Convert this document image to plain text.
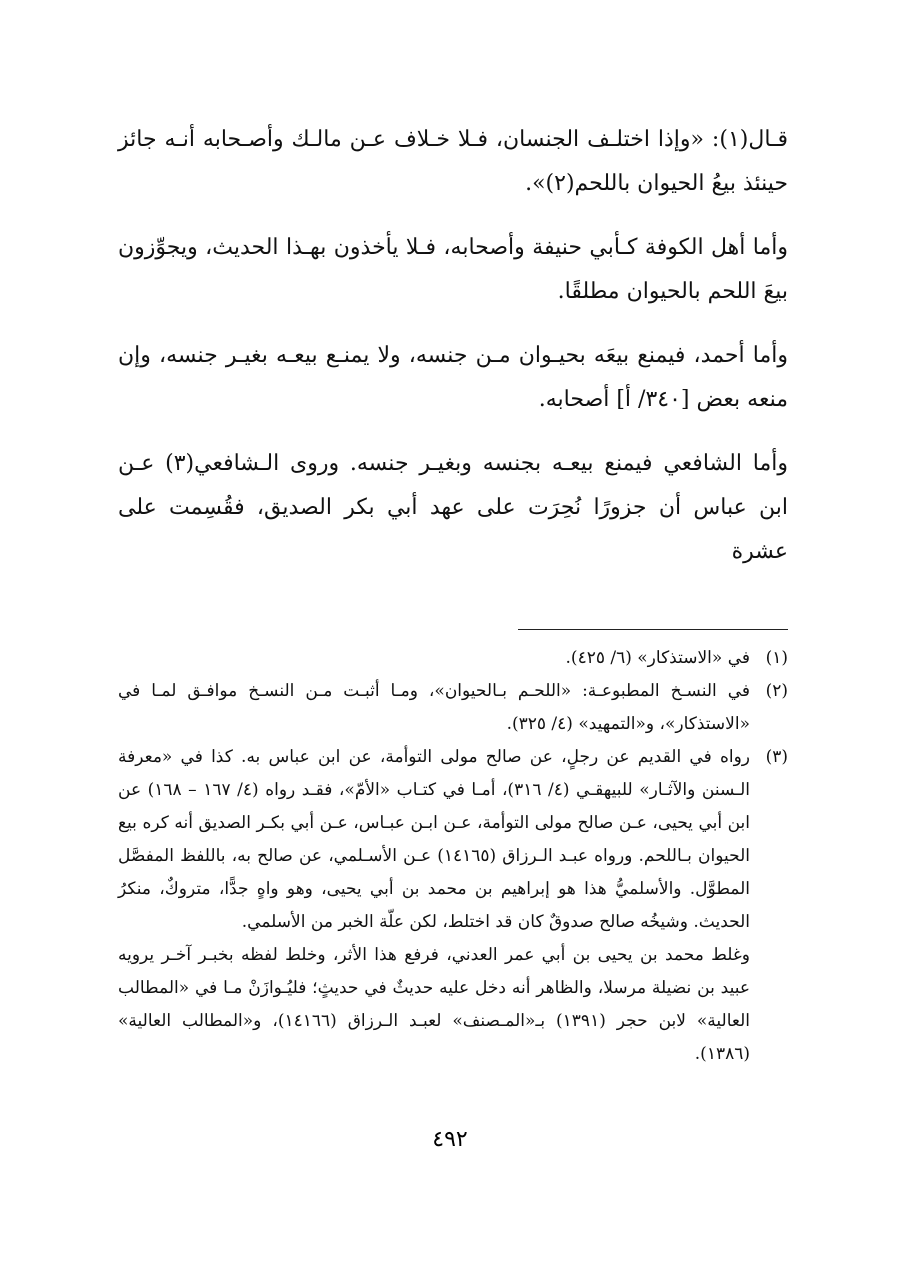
قـال(١): «وإذا اختلـف الجنسان، فـلا خـلاف عـن مالـك وأصـحابه أنـه جائز حينئذ بيعُ الحيوان باللحم(٢)».

وأما أهل الكوفة كـأبي حنيفة وأصحابه، فـلا يأخذون بهـذا الحديث، ويجوِّزون بيعَ اللحم بالحيوان مطلقًا.

وأما أحمد، فيمنع بيعَه بحيـوان مـن جنسه، ولا يمنـع بيعـه بغيـر جنسه، وإن منعه بعض [٣٤٠/ أ] أصحابه.

وأما الشافعي فيمنع بيعـه بجنسه وبغيـر جنسه. وروى الـشافعي(٣) عـن ابن عباس أن جزورًا نُحِرَت على عهد أبي بكر الصديق، فقُسِمت على عشرة

(١)
في «الاستذكار» (٦/ ٤٢٥).
(٢)
في النسـخ المطبوعـة: «اللحـم بـالحيوان»، ومـا أثبـت مـن النسـخ موافـق لمـا في «الاستذكار»، و«التمهيد» (٤/ ٣٢٥).
(٣)
رواه في القديم عن رجلٍ، عن صالح مولى التوأمة، عن ابن عباس به. كذا في «معرفة الـسنن والآثـار» للبيهقـي (٤/ ٣١٦)، أمـا في كتـاب «الأمّ»، فقـد رواه (٤/ ١٦٧ – ١٦٨) عن ابن أبي يحيى، عـن صالح مولى التوأمة، عـن ابـن عبـاس، عـن أبي بكـر الصديق أنه كره بيع الحيوان بـاللحم. ورواه عبـد الـرزاق (١٤١٦٥) عـن الأسـلمي، عن صالح به، باللفظ المفصَّل المطوَّل. والأسلميُّ هذا هو إبراهيم بن محمد بن أبي يحيى، وهو واهٍ جدًّا، متروكٌ، منكرُ الحديث. وشيخُه صالح صدوقٌ كان قد اختلط، لكن علّة الخبر من الأسلمي.
وغلط محمد بن يحيى بن أبي عمر العدني، فرفع هذا الأثر، وخلط لفظه بخبـر آخـر يرويه عبيد بن نضيلة مرسلا، والظاهر أنه دخل عليه حديثٌ في حديثٍ؛ فليُـوازَنْ مـا في «المطالب العالية» لابن حجر (١٣٩١) بـ«المـصنف» لعبـد الـرزاق (١٤١٦٦)، و«المطالب العالية» (١٣٨٦).
٤٩٢
